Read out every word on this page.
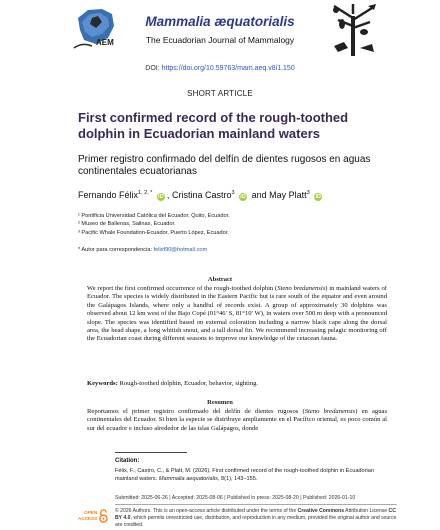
AEM
Mammalia æquatorialis
The Ecuadorian Journal of Mammalogy
DOI: https://doi.org/10.59763/mam.aeq.v8i1.150
SHORT ARTICLE
First confirmed record of the rough-toothed dolphin in Ecuadorian mainland waters
Primer registro confirmado del delfín de dientes rugosos en aguas continentales ecuatorianas
Fernando Félix$^{1, 2, *}$ iD , Cristina Castro$^3$ iD and May Platt$^3$ iD
¹ Pontificia Universidad Católica del Ecuador, Quito, Ecuador.
² Museo de Ballenas, Salinas, Ecuador.
³ Pacific Whale Foundation-Ecuador, Puerto López, Ecuador.
* Autor para correspondencia: felixf90@hotmail.com
Abstract
We report the first confirmed occurrence of the rough-toothed dolphin (Steno bredanensis) in mainland waters of Ecuador. The species is widely distributed in the Eastern Pacific but is rare south of the equator and even around the Galápagos Islands, where only a handful of records exist. A group of approximately 30 dolphins was observed about 12 km west of the Bajo Copé (01°46′ S, 81°10′ W), in waters over 500 m deep with a pronounced slope. The species was identified based on external coloration including a narrow black cape along the dorsal area, the head shape, a long whitish snout, and a tall dorsal fin. We recommend increasing pelagic monitoring off the Ecuadorian coast during different seasons to improve our knowledge of the cetacean fauna.
Keywords: Rough-toothed dolphin, Ecuador, behavior, sighting.
Resumen
Reportamos el primer registro confirmado del delfín de dientes rugosos (Steno bredanensis) en aguas continentales del Ecuador. Si bien la especie se distribuye ampliamente en el Pacífico oriental, es poco común al sur del ecuador e incluso alrededor de las islas Galápagos, donde
Citation:
Félix, F., Castro, C., & Platt, M. (2026). First confirmed record of the rough-toothed dolphin in Ecuadorian mainland waters. Mammalia aequatorialis, 8(1), 143–155.
Submitted: 2025-06-26 | Accepted: 2025-08-06 | Published in press: 2025-08-20 | Published: 2026-01-10
OPEN
ACCESS
© 2026 Authors. This is an open-access article distributed under the terms of the Creative Commons Attribution License CC BY 4.0, which permits unrestricted use, distribution, and reproduction in any medium, provided the original author and source are credited.
